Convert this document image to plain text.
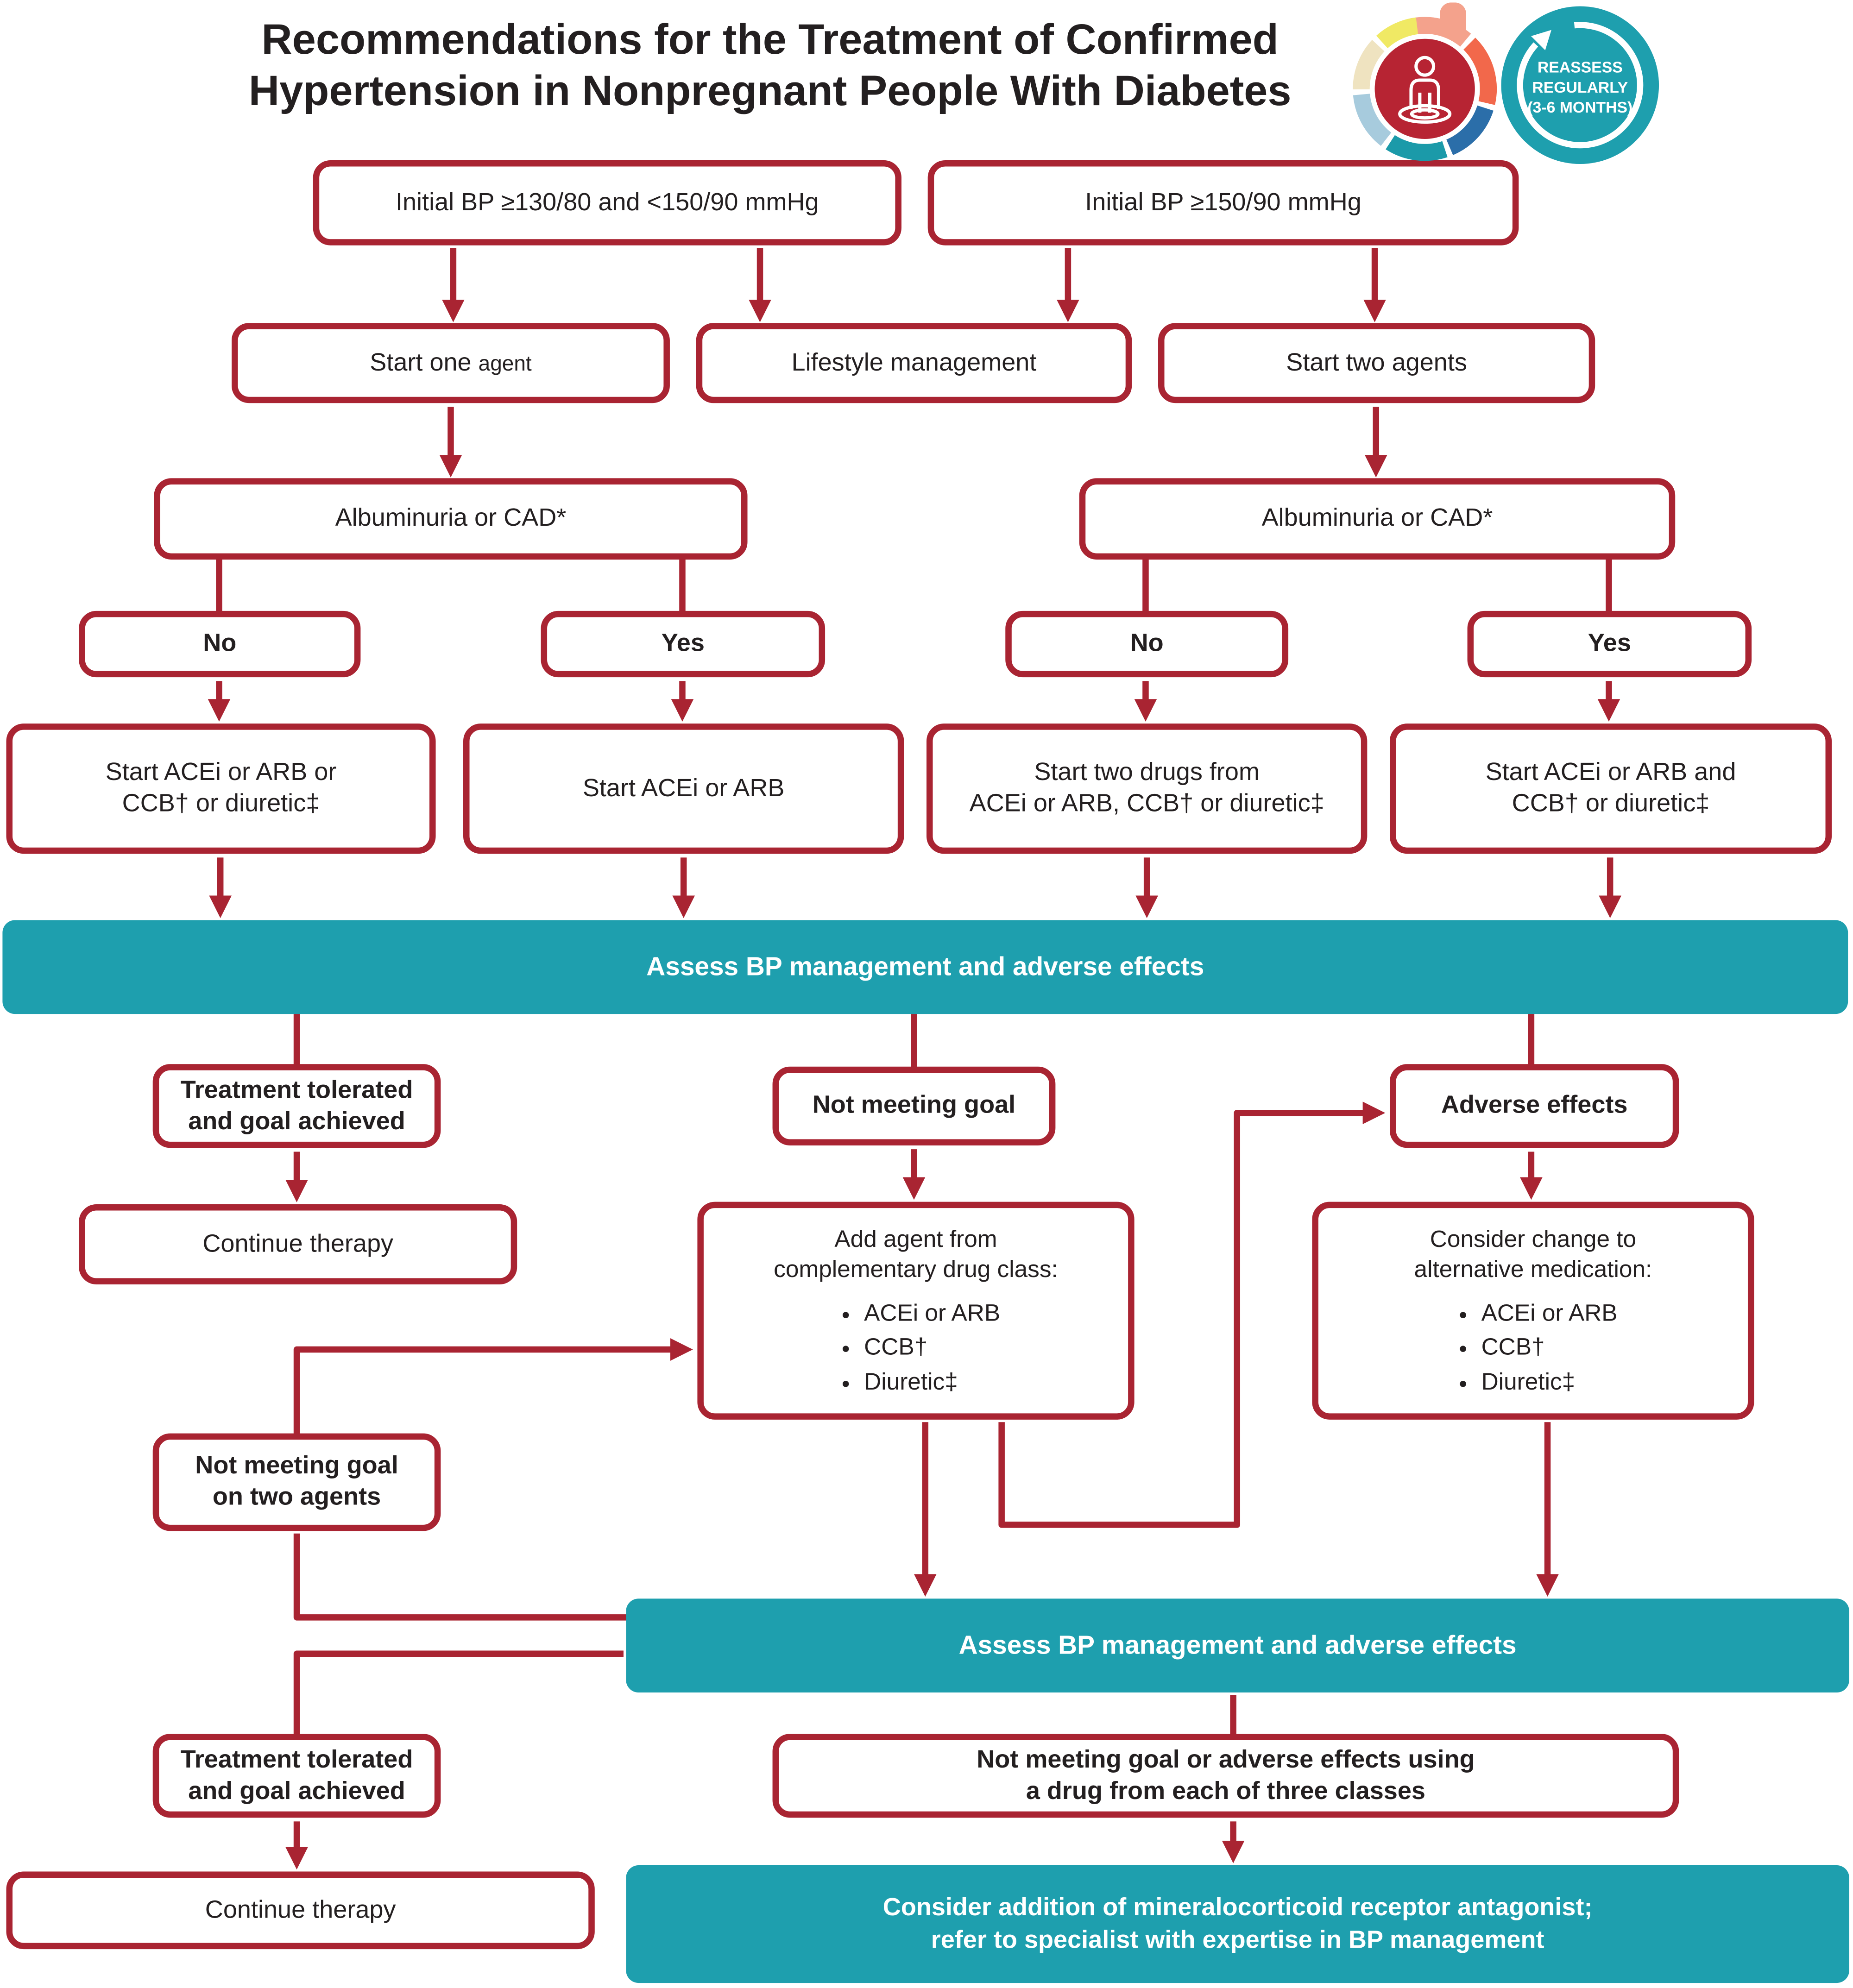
Recommendations for the Treatment of Confirmed
Hypertension in Nonpregnant People With Diabetes
REASSESS
REGULARLY
(3-6 MONTHS)
Initial BP ≥130/80 and <150/90 mmHg	Initial BP ≥150/90 mmHg
Start one agent	Lifestyle management	Start two agents
Albuminuria or CAD*	Albuminuria or CAD*
No	Yes	No	Yes
Start ACEi or ARB or
CCB† or diuretic‡
Start ACEi or ARB
Start two drugs from
ACEi or ARB, CCB† or diuretic‡
Start ACEi or ARB and
CCB† or diuretic‡
Assess BP management and adverse effects
Treatment tolerated
and goal achieved
Not meeting goal	Adverse effects
Continue therapy	Add agent from
complementary drug class:
• ACEi or ARB
• CCB†
• Diuretic‡
Consider change to
alternative medication:
• ACEi or ARB
• CCB†
• Diuretic‡
Not meeting goal
on two agents
Assess BP management and adverse effects
Treatment tolerated
and goal achieved
Not meeting goal or adverse effects using
a drug from each of three classes
Continue therapy	Consider addition of mineralocorticoid receptor antagonist;
refer to specialist with expertise in BP management
